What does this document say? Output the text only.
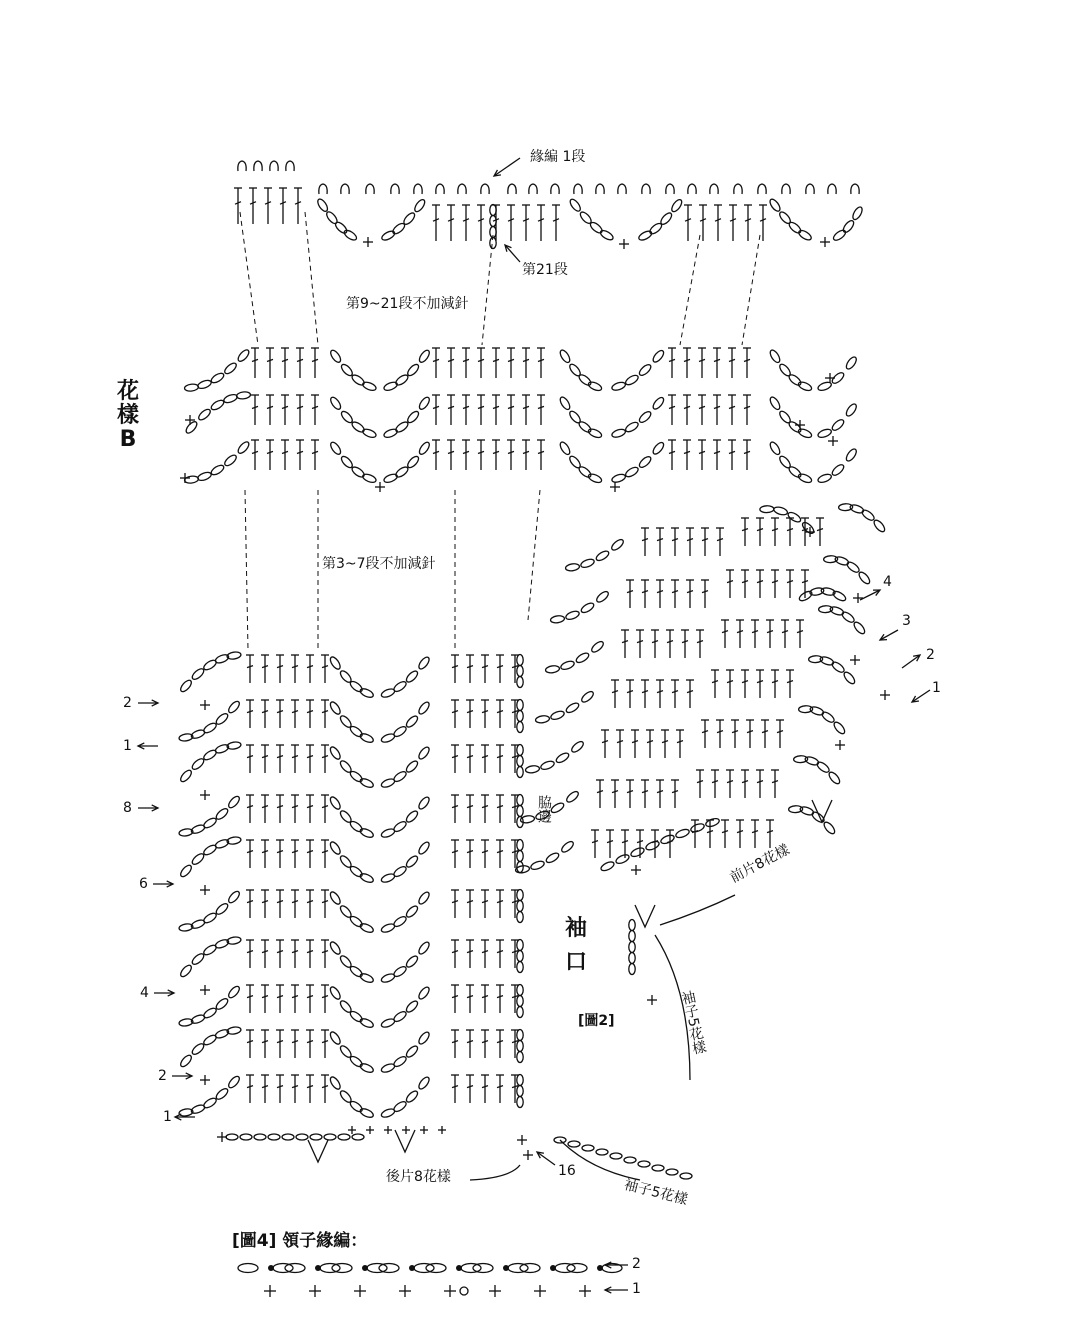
緣編 1段
第21段
第9~21段不加減針
花樣B
第3~7段不加減針
脇邊
袖口
[圖2]
前片8花樣
袖子5花樣
後片8花樣
袖子5花樣
[圖4] 領子緣編：
2
1
8
6
4
2
1
4
3
2
1
16
2
1
